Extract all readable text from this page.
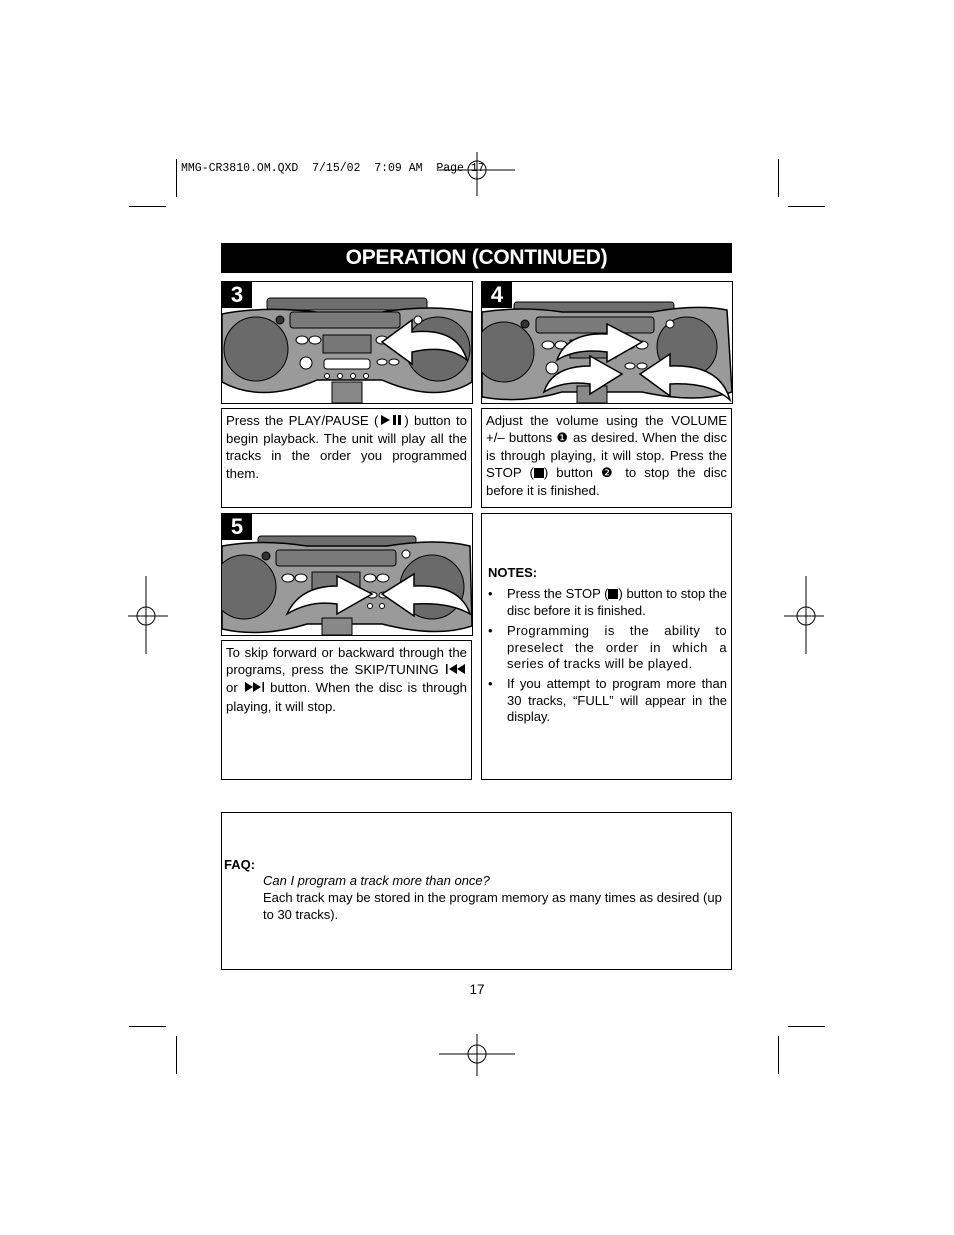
MMG-CR3810.OM.QXD  7/15/02  7:09 AM  Page 17
OPERATION (CONTINUED)
3	4
Press the PLAY/PAUSE ( ) button to begin playback. The unit will play all the tracks in the order you programmed them.
Adjust the volume using the VOLUME +/– buttons ❶ as desired. When the disc is through playing, it will stop. Press the STOP ( ) button ❷ to stop the disc before it is finished.
5
NOTES:
• Press the STOP ( ) button to stop the disc before it is finished.
• Programming is the ability to preselect the order in which a series of tracks will be played.
• If you attempt to program more than 30 tracks, “FULL” will appear in the display.
To skip forward or backward through the programs, press the SKIP/TUNING  or  button. When the disc is through playing, it will stop.
FAQ:
Can I program a track more than once?
Each track may be stored in the program memory as many times as desired (up to 30 tracks).
17
